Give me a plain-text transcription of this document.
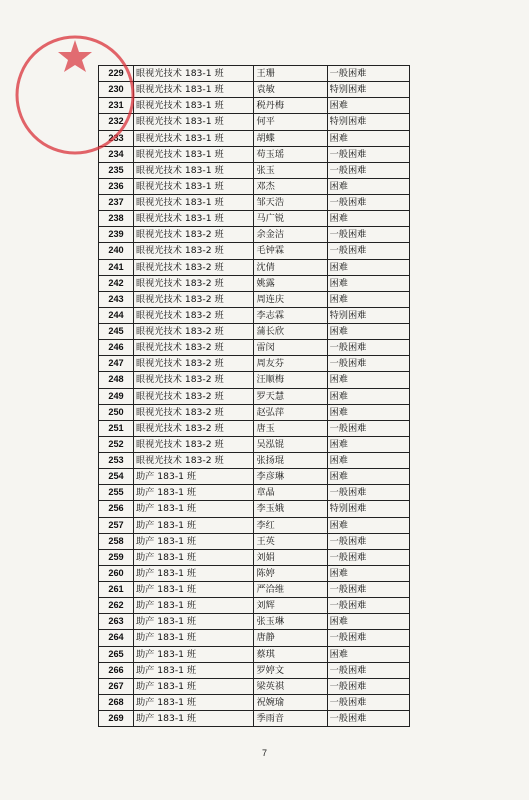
229	眼视光技术 183-1 班	王珊	一般困难
230	眼视光技术 183-1 班	袁敏	特别困难
231	眼视光技术 183-1 班	税丹梅	困难
232	眼视光技术 183-1 班	何平	特别困难
233	眼视光技术 183-1 班	胡蝶	困难
234	眼视光技术 183-1 班	苟玉瑶	一般困难
235	眼视光技术 183-1 班	张玉	一般困难
236	眼视光技术 183-1 班	邓杰	困难
237	眼视光技术 183-1 班	邹天浩	一般困难
238	眼视光技术 183-1 班	马广锐	困难
239	眼视光技术 183-2 班	余金洁	一般困难
240	眼视光技术 183-2 班	毛钟霖	一般困难
241	眼视光技术 183-2 班	沈倩	困难
242	眼视光技术 183-2 班	姚露	困难
243	眼视光技术 183-2 班	周连庆	困难
244	眼视光技术 183-2 班	李志霖	特别困难
245	眼视光技术 183-2 班	蒲长欣	困难
246	眼视光技术 183-2 班	雷闵	一般困难
247	眼视光技术 183-2 班	周友芬	一般困难
248	眼视光技术 183-2 班	汪顺梅	困难
249	眼视光技术 183-2 班	罗天慧	困难
250	眼视光技术 183-2 班	赵弘萍	困难
251	眼视光技术 183-2 班	唐玉	一般困难
252	眼视光技术 183-2 班	吴泓锟	困难
253	眼视光技术 183-2 班	张扬琨	困难
254	助产 183-1 班	李彦琳	困难
255	助产 183-1 班	章晶	一般困难
256	助产 183-1 班	李玉娥	特别困难
257	助产 183-1 班	李红	困难
258	助产 183-1 班	王英	一般困难
259	助产 183-1 班	刘娟	一般困难
260	助产 183-1 班	陈婷	困难
261	助产 183-1 班	严洽维	一般困难
262	助产 183-1 班	刘辉	一般困难
263	助产 183-1 班	张玉琳	困难
264	助产 183-1 班	唐静	一般困难
265	助产 183-1 班	蔡琪	困难
266	助产 183-1 班	罗婷文	一般困难
267	助产 183-1 班	梁英祺	一般困难
268	助产 183-1 班	祝婉瑜	一般困难
269	助产 183-1 班	季雨音	一般困难
7
